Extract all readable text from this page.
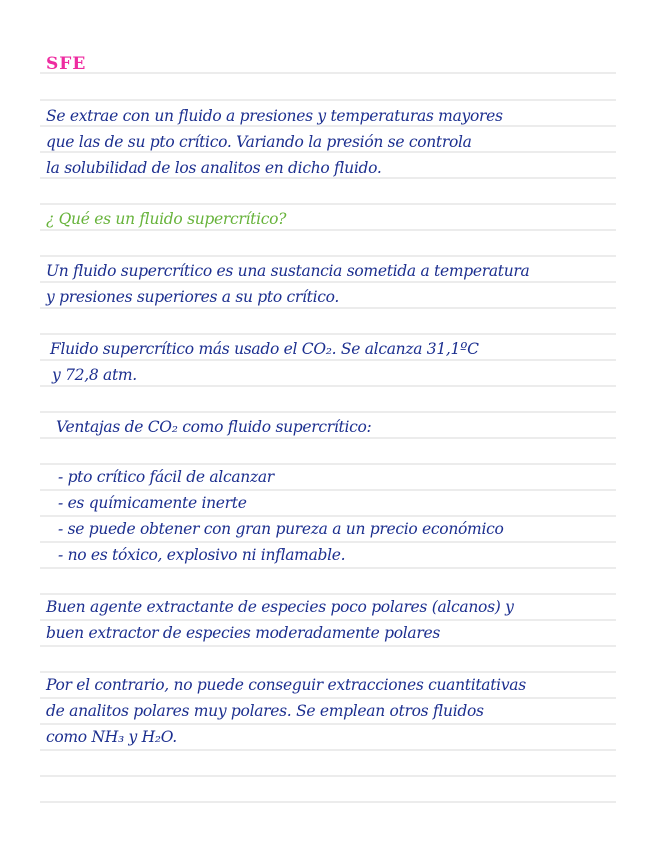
SFE
Se extrae con un fluido a presiones y temperaturas mayores
que las de su pto crítico. Variando la presión se controla
la solubilidad de los analitos en dicho fluido.
¿ Qué es un fluido supercrítico?
Un fluido supercrítico es una sustancia sometida a temperatura
y presiones superiores a su pto crítico.
Fluido supercrítico más usado el CO₂. Se alcanza 31,1ºC
y 72,8 atm.
Ventajas de CO₂ como fluido supercrítico:
- pto crítico fácil de alcanzar
- es químicamente inerte
- se puede obtener con gran pureza a un precio económico
- no es tóxico, explosivo ni inflamable.
Buen agente extractante de especies poco polares (alcanos) y
buen extractor de especies moderadamente polares
Por el contrario, no puede conseguir extracciones cuantitativas
de analitos polares muy polares. Se emplean otros fluidos
como NH₃ y H₂O.
